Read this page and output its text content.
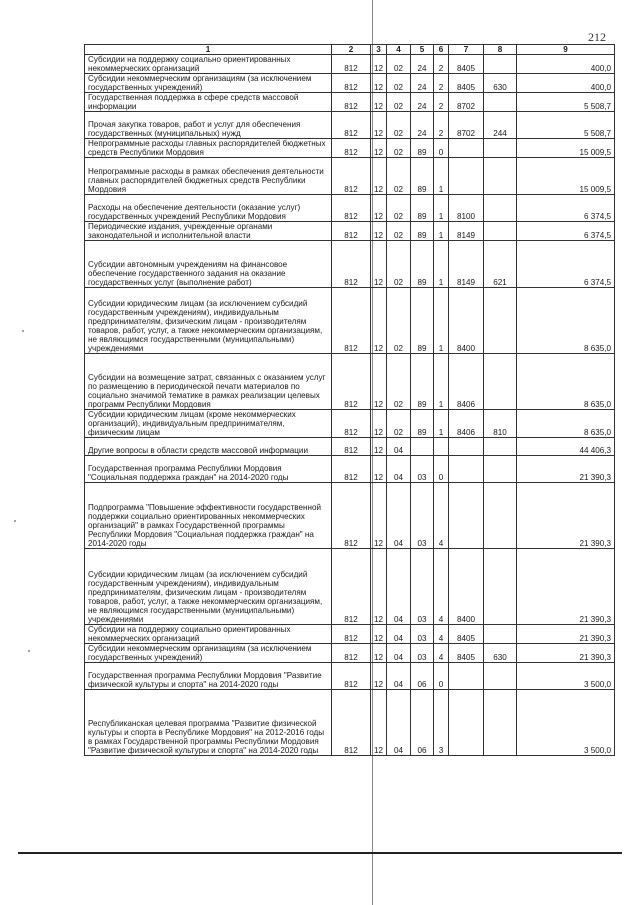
212
1	2	3	4	5	6	7	8	9
Субсидии на поддержку социально ориентированных некоммерческих организаций	812	12	02	24	2	8405		400,0
Субсидии некоммерческим организациям (за исключением государственных учреждений)	812	12	02	24	2	8405	630	400,0
Государственная поддержка в сфере средств массовой информации	812	12	02	24	2	8702		5 508,7
Прочая закупка товаров, работ и услуг для обеспечения государственных (муниципальных) нужд	812	12	02	24	2	8702	244	5 508,7
Непрограммные расходы главных распорядителей бюджетных средств Республики Мордовия	812	12	02	89	0			15 009,5
Непрограммные расходы в рамках обеспечения деятельности главных распорядителей бюджетных средств Республики Мордовия	812	12	02	89	1			15 009,5
Расходы на обеспечение деятельности (оказание услуг) государственных учреждений Республики Мордовия	812	12	02	89	1	8100		6 374,5
Периодические издания, учрежденные органами законодательной и исполнительной власти	812	12	02	89	1	8149		6 374,5
Субсидии автономным учреждениям на финансовое обеспечение государственного задания на оказание государственных услуг (выполнение работ)	812	12	02	89	1	8149	621	6 374,5
Субсидии юридическим лицам (за исключением субсидий государственным учреждениям), индивидуальным предпринимателям, физическим лицам - производителям товаров, работ, услуг, а также некоммерческим организациям, не являющимся государственными (муниципальными) учреждениями	812	12	02	89	1	8400		8 635,0
Субсидии на возмещение затрат, связанных с оказанием услуг по размещению в периодической печати материалов по социально значимой тематике в рамках реализации целевых программ Республики Мордовия	812	12	02	89	1	8406		8 635,0
Субсидии юридическим лицам (кроме некоммерческих организаций), индивидуальным предпринимателям, физическим лицам	812	12	02	89	1	8406	810	8 635,0
Другие вопросы в области средств массовой информации	812	12	04					44 406,3
Государственная программа Республики Мордовия "Социальная поддержка граждан" на 2014-2020 годы	812	12	04	03	0			21 390,3
Подпрограмма "Повышение эффективности государственной поддержки социально ориентированных некоммерческих организаций" в рамках Государственной программы Республики Мордовия "Социальная поддержка граждан" на 2014-2020 годы	812	12	04	03	4			21 390,3
Субсидии юридическим лицам (за исключением субсидий государственным учреждениям), индивидуальным предпринимателям, физическим лицам - производителям товаров, работ, услуг, а также некоммерческим организациям, не являющимся государственными (муниципальными) учреждениями	812	12	04	03	4	8400		21 390,3
Субсидии на поддержку социально ориентированных некоммерческих организаций	812	12	04	03	4	8405		21 390,3
Субсидии некоммерческим организациям (за исключением государственных учреждений)	812	12	04	03	4	8405	630	21 390,3
Государственная программа Республики Мордовия "Развитие физической культуры и спорта" на 2014-2020 годы	812	12	04	06	0			3 500,0
Республиканская целевая программа "Развитие физической культуры и спорта в Республике Мордовия" на 2012-2016 годы в рамках Государственной программы Республики Мордовия "Развитие физической культуры и спорта" на 2014-2020 годы	812	12	04	06	3			3 500,0
